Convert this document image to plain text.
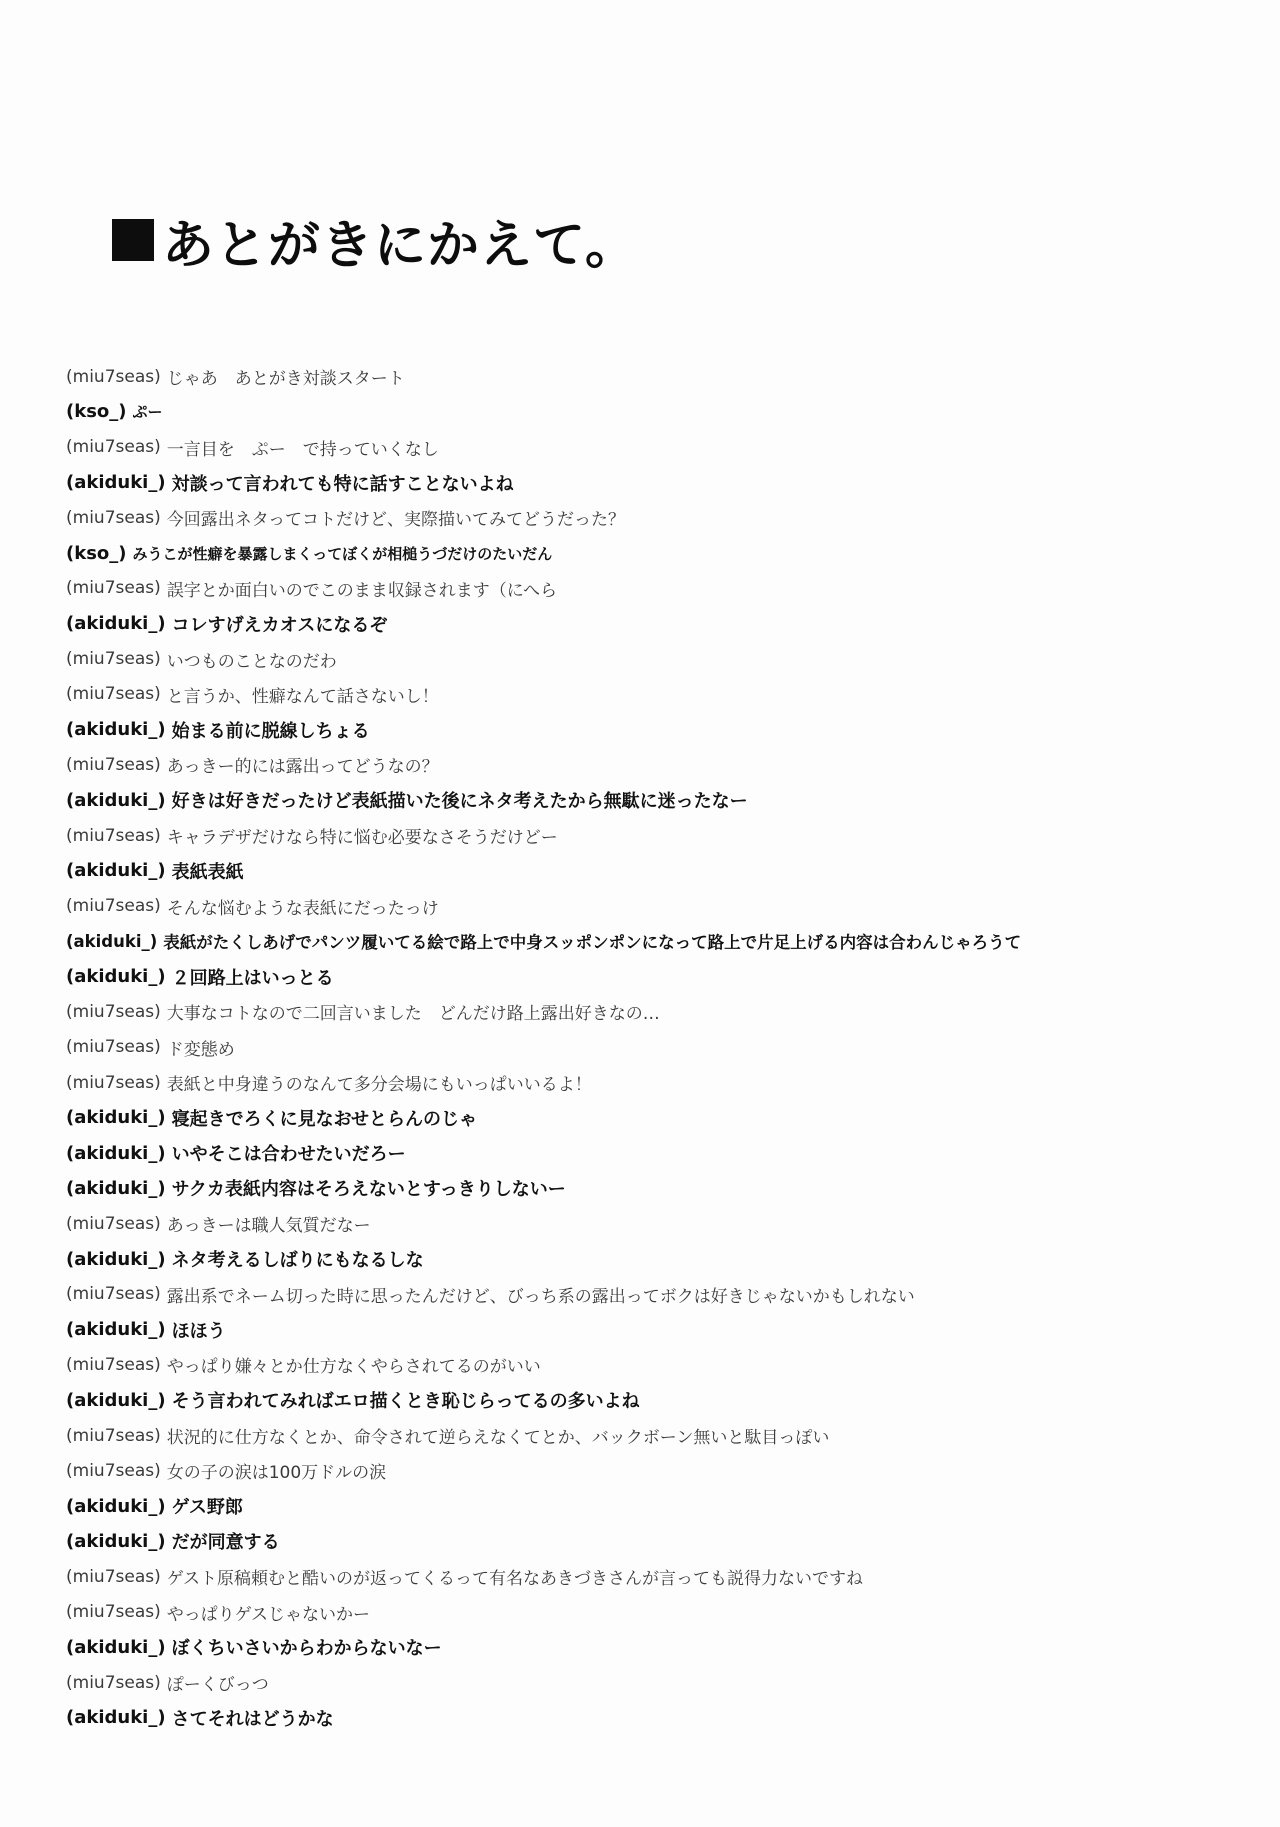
あとがきにかえて。
(miu7seas) じゃあ　あとがき対談スタート
(kso_) ぷー
(miu7seas) 一言目を　ぷー　で持っていくなし
(akiduki_) 対談って言われても特に話すことないよね
(miu7seas) 今回露出ネタってコトだけど、実際描いてみてどうだった？
(kso_) みうこが性癖を暴露しまくってぼくが相槌うづだけのたいだん
(miu7seas) 誤字とか面白いのでこのまま収録されます（にへら
(akiduki_) コレすげえカオスになるぞ
(miu7seas) いつものことなのだわ
(miu7seas) と言うか、性癖なんて話さないし！
(akiduki_) 始まる前に脱線しちょる
(miu7seas) あっきー的には露出ってどうなの？
(akiduki_) 好きは好きだったけど表紙描いた後にネタ考えたから無駄に迷ったなー
(miu7seas) キャラデザだけなら特に悩む必要なさそうだけどー
(akiduki_) 表紙表紙
(miu7seas) そんな悩むような表紙にだったっけ
(akiduki_) 表紙がたくしあげでパンツ履いてる絵で路上で中身スッポンポンになって路上で片足上げる内容は合わんじゃろうて
(akiduki_) ２回路上はいっとる
(miu7seas) 大事なコトなので二回言いました　どんだけ路上露出好きなの…
(miu7seas) ド変態め
(miu7seas) 表紙と中身違うのなんて多分会場にもいっぱいいるよ！
(akiduki_) 寝起きでろくに見なおせとらんのじゃ
(akiduki_) いやそこは合わせたいだろー
(akiduki_) サクカ表紙内容はそろえないとすっきりしないー
(miu7seas) あっきーは職人気質だなー
(akiduki_) ネタ考えるしばりにもなるしな
(miu7seas) 露出系でネーム切った時に思ったんだけど、びっち系の露出ってボクは好きじゃないかもしれない
(akiduki_) ほほう
(miu7seas) やっぱり嫌々とか仕方なくやらされてるのがいい
(akiduki_) そう言われてみればエロ描くとき恥じらってるの多いよね
(miu7seas) 状況的に仕方なくとか、命令されて逆らえなくてとか、バックボーン無いと駄目っぽい
(miu7seas) 女の子の涙は100万ドルの涙
(akiduki_) ゲス野郎
(akiduki_) だが同意する
(miu7seas) ゲスト原稿頼むと酷いのが返ってくるって有名なあきづきさんが言っても説得力ないですね
(miu7seas) やっぱりゲスじゃないかー
(akiduki_) ぼくちいさいからわからないなー
(miu7seas) ぽーくびっつ
(akiduki_) さてそれはどうかな
